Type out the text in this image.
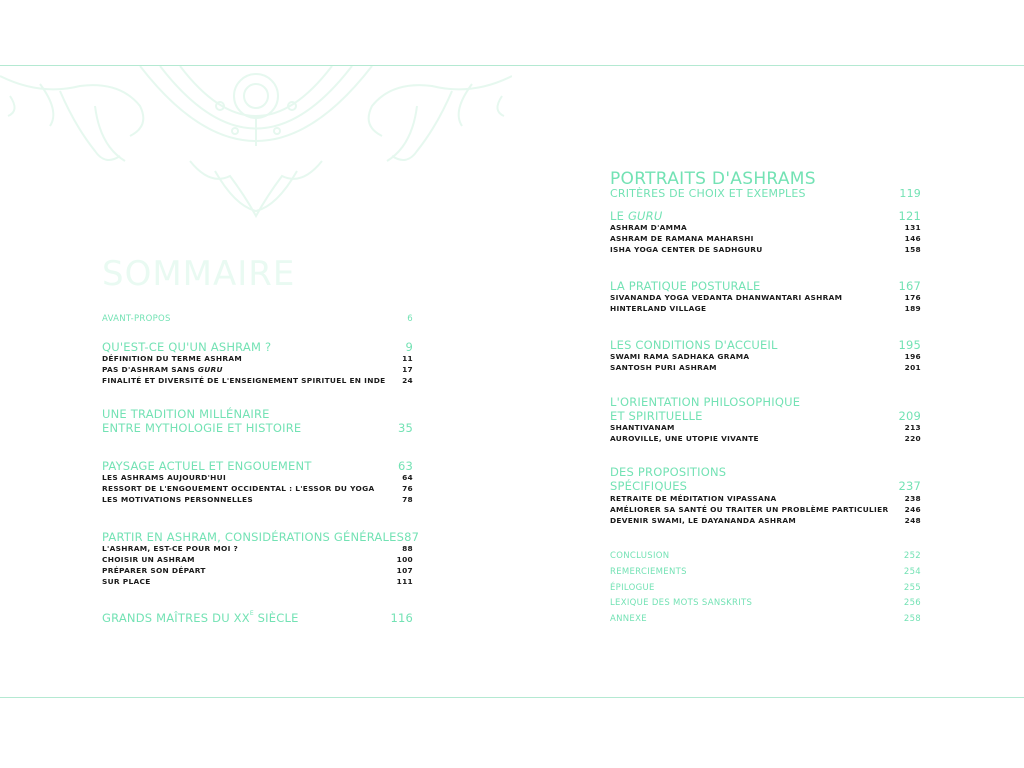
SOMMAIRE
AVANT-PROPOS	6
QU'EST-CE QU'UN ASHRAM ?	9
DÉFINITION DU TERME ASHRAM	11
PAS D'ASHRAM SANS GURU	17
FINALITÉ ET DIVERSITÉ DE L'ENSEIGNEMENT SPIRITUEL EN INDE 24
UNE TRADITION MILLÉNAIRE
ENTRE MYTHOLOGIE ET HISTOIRE	35
PAYSAGE ACTUEL ET ENGOUEMENT	63
LES ASHRAMS AUJOURD'HUI	64
RESSORT DE L'ENGOUEMENT OCCIDENTAL : L'ESSOR DU YOGA	76
LES MOTIVATIONS PERSONNELLES	78
PARTIR EN ASHRAM, CONSIDÉRATIONS GÉNÉRALES 87
L'ASHRAM, EST-CE POUR MOI ?	88
CHOISIR UN ASHRAM	100
PRÉPARER SON DÉPART	107
SUR PLACE	111
GRANDS MAÎTRES DU $XX^E$ SIÈCLE	116
PORTRAITS D'ASHRAMS
CRITÈRES DE CHOIX ET EXEMPLES	119
LE GURU	121
ASHRAM D'AMMA	131
ASHRAM DE RAMANA MAHARSHI	146
ISHA YOGA CENTER DE SADHGURU	158
LA PRATIQUE POSTURALE	167
SIVANANDA YOGA VEDANTA DHANWANTARI ASHRAM	176
HINTERLAND VILLAGE	189
LES CONDITIONS D'ACCUEIL	195
SWAMI RAMA SADHAKA GRAMA	196
SANTOSH PURI ASHRAM	201
L'ORIENTATION PHILOSOPHIQUE
ET SPIRITUELLE	209
SHANTIVANAM	213
AUROVILLE, UNE UTOPIE VIVANTE	220
DES PROPOSITIONS
SPÉCIFIQUES	237
RETRAITE DE MÉDITATION VIPASSANA	238
AMÉLIORER SA SANTÉ OU TRAITER UN PROBLÈME PARTICULIER 246
DEVENIR SWAMI, LE DAYANANDA ASHRAM	248
CONCLUSION	252
REMERCIEMENTS	254
ÉPILOGUE	255
LEXIQUE DES MOTS SANSKRITS	256
ANNEXE	258
